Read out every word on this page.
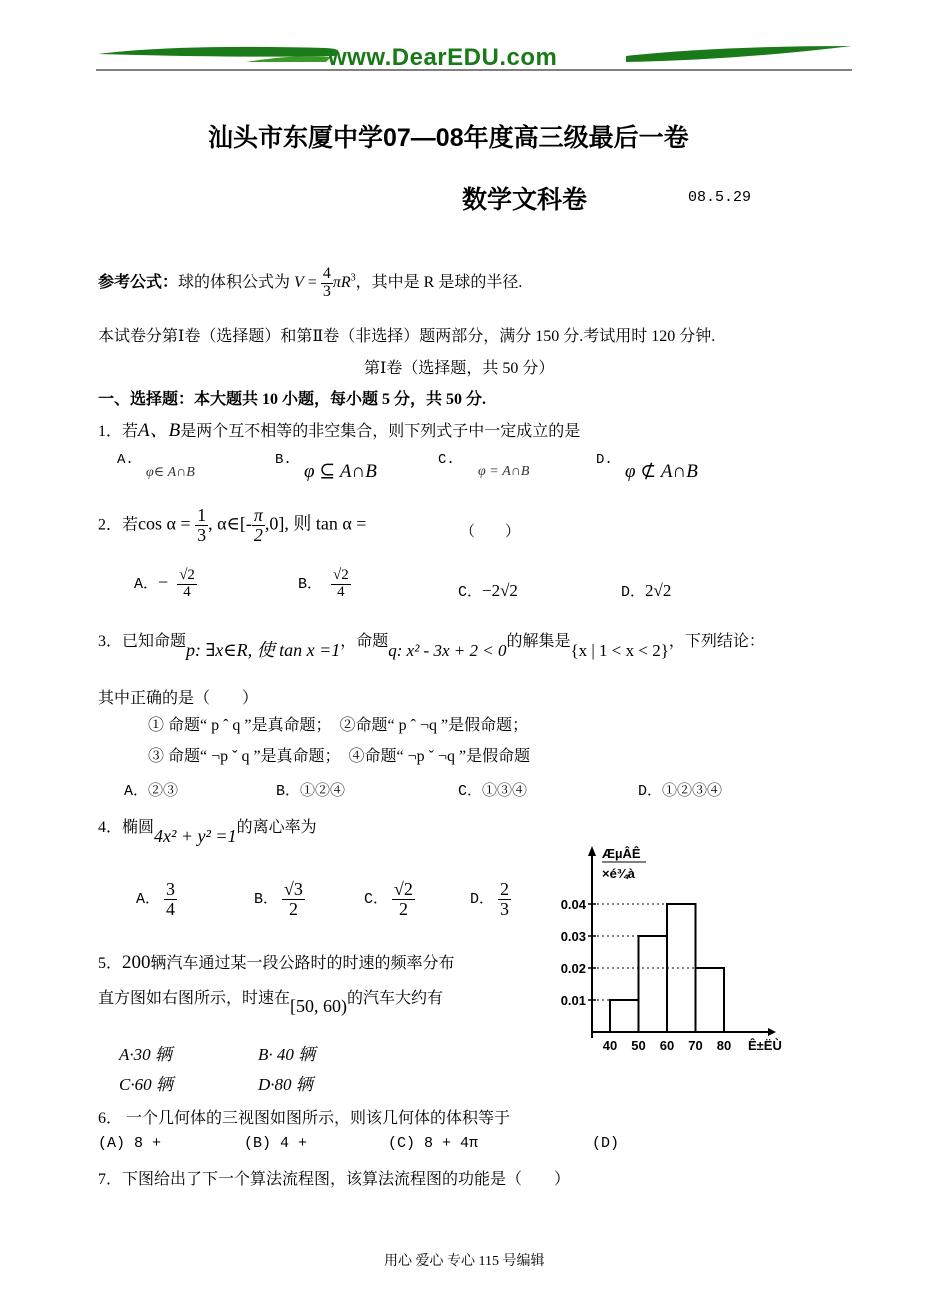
www.DearEDU.com
汕头市东厦中学07—08年度高三级最后一卷
数学文科卷	08.5.29
参考公式：球的体积公式为 $V = \frac{4}{3} \pi R^3$，其中是 R 是球的半径.
本试卷分第Ⅰ卷（选择题）和第Ⅱ卷（非选择）题两部分，满分 150 分.考试用时 120 分钟.
第Ⅰ卷（选择题，共 50 分）
一、选择题：本大题共 10 小题，每小题 5 分，共 50 分.
1．若A、B是两个互不相等的非空集合，则下列式子中一定成立的是
A.
φ∈ A∩B
B.
φ ⊆ A∩B
C.
φ = A∩B
D.
φ ⊄ A∩B
2．若$\cos \alpha = \frac{1}{3}$ , α∈[- $\frac{\pi}{2} ,0$], 则 tan α =	（　　）
A．− $\frac{√2}{4}$	B． $\frac{√2}{4}$	C．−2√2	D．2√2
3．已知命题p: ∃x∈R, 使 tan x =1，命题q: x² - 3x + 2 < 0的解集是{x | 1 < x < 2}，下列结论：
其中正确的是（　　）
① 命题“ p ˆ q ”是真命题；　②命题“ p ˆ ¬q ”是假命题；
③ 命题“ ¬p ˇ q ”是真命题；　④命题“ ¬p ˇ ¬q ”是假命题
A．②③	B．①②④	C．①③④	D．①②③④
4．椭圆4x² + y² =1的离心率为
A． $\frac{3}{4}$	B． $\frac{√3}{2}$	C． $\frac{√2}{2}$	D． $\frac{2}{3}$
5．200辆汽车通过某一段公路时的时速的频率分布
直方图如右图所示，时速在[50, 60)的汽车大约有
A·30 辆	B· 40 辆
C·60 辆	D·80 辆
ÆµÂÊ
×é¾à
0.01
0.02
0.03
0.04
40 50 60 70 80 Ê±ËÙ
6． 一个几何体的三视图如图所示，则该几何体的体积等于
(A) 8 +	(B) 4 +	(C) 8 + 4π	(D)
7．下图给出了下一个算法流程图，该算法流程图的功能是（　　）
用心 爱心 专心 115 号编辑
